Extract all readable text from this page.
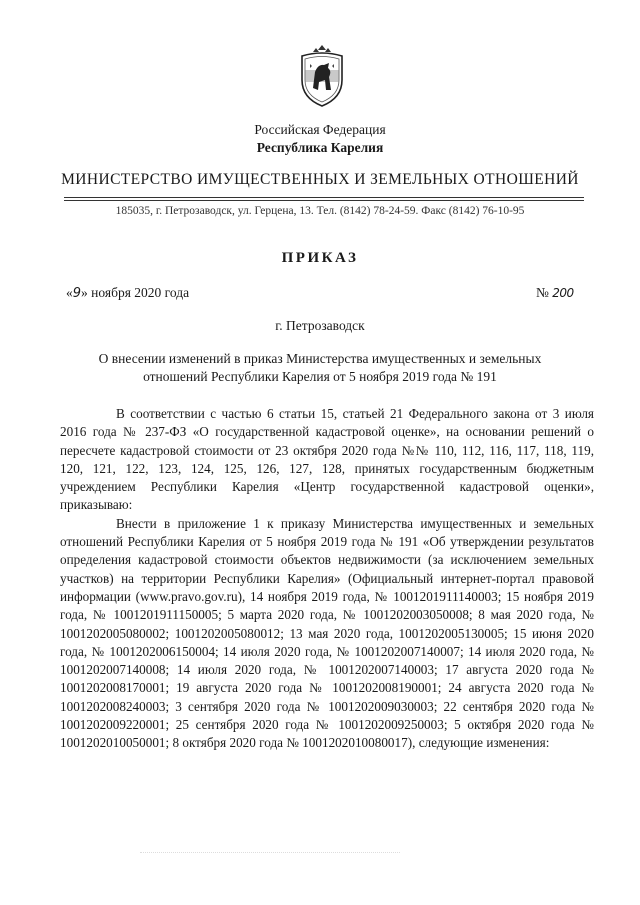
Российская Федерация
Республика Карелия
МИНИСТЕРСТВО ИМУЩЕСТВЕННЫХ И ЗЕМЕЛЬНЫХ ОТНОШЕНИЙ
185035, г. Петрозаводск, ул. Герцена, 13. Тел. (8142) 78-24-59. Факс (8142) 76-10-95
ПРИКАЗ
«9» ноября 2020 года	№ 200
г. Петрозаводск
О внесении изменений в приказ Министерства имущественных и земельных
отношений Республики Карелия от 5 ноября 2019 года № 191

В соответствии с частью 6 статьи 15, статьей 21 Федерального закона от 3 июля 2016 года № 237-ФЗ «О государственной кадастровой оценке», на основании решений о пересчете кадастровой стоимости от 23 октября 2020 года №№ 110, 112, 116, 117, 118, 119, 120, 121, 122, 123, 124, 125, 126, 127, 128, принятых государственным бюджетным учреждением Республики Карелия «Центр государственной кадастровой оценки», приказываю:

Внести в приложение 1 к приказу Министерства имущественных и земельных отношений Республики Карелия от 5 ноября 2019 года № 191 «Об утверждении результатов определения кадастровой стоимости объектов недвижимости (за исключением земельных участков) на территории Республики Карелия» (Официальный интернет-портал правовой информации (www.pravo.gov.ru), 14 ноября 2019 года, № 1001201911140003; 15 ноября 2019 года, № 1001201911150005; 5 марта 2020 года, № 1001202003050008; 8 мая 2020 года, № 1001202005080002; 1001202005080012; 13 мая 2020 года, 1001202005130005; 15 июня 2020 года, № 1001202006150004; 14 июля 2020 года, № 1001202007140007; 14 июля 2020 года, № 1001202007140008; 14 июля 2020 года, № 1001202007140003; 17 августа 2020 года № 1001202008170001; 19 августа 2020 года № 1001202008190001; 24 августа 2020 года № 1001202008240003; 3 сентября 2020 года № 1001202009030003; 22 сентября 2020 года № 1001202009220001; 25 сентября 2020 года № 1001202009250003; 5 октября 2020 года № 1001202010050001; 8 октября 2020 года № 1001202010080017), следующие изменения:
